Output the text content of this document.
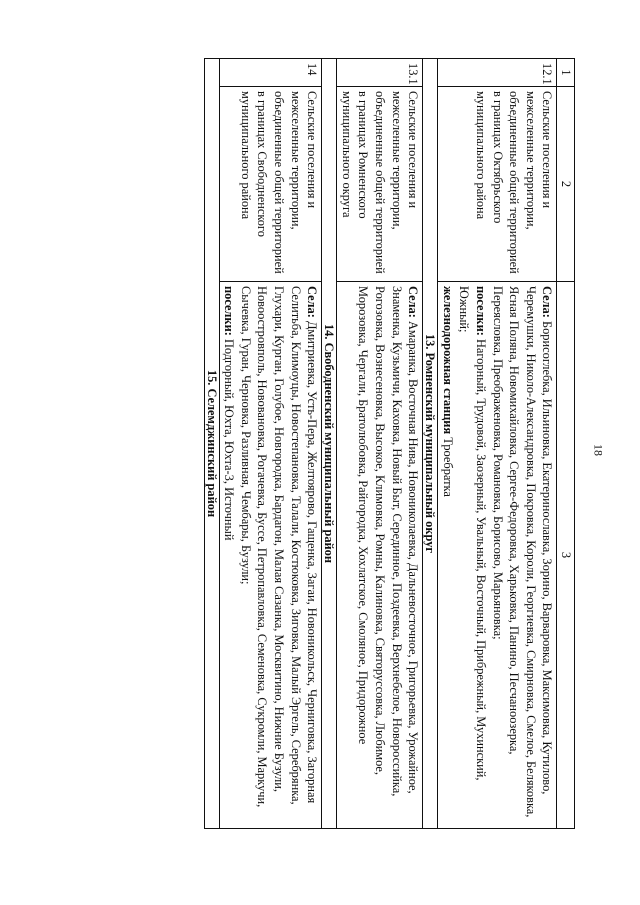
18
1	2	3
12.1	Сельские поселения и межселенные территории, объединенные общей территорией в границах Октябрьского муниципального района	Села: Борисоглебка, Ильиновка, Екатеринославка, Зорино, Варваровка, Максимовка, Кутилово, Черемушки, Николо-Александровка, Покровка, Короли, Георгиевка, Смирновка, Смелое, Беляковка, Ясная Поляна, Новомихайловка, Сергее-Федоровка, Харьковка, Панино, Песчаноозерка, Переясловка, Преображеновка, Романовка, Борисово, Марьяновка;
поселки: Нагорный, Трудовой, Заозерный, Увальный, Восточный, Прибрежный, Мухинский, Южный;
железнодорожная станция Троебратка
13. Ромненский муниципальный округ		
13.1	Сельские поселения и межселенные территории, объединенные общей территорией в границах Ромненского муниципального округа	Села: Амаранка, Восточная Нива, Новониколаевка, Дальневосточное, Григорьевка, Урожайное, Знаменка, Кузьмичи, Каховка, Новый Быт, Серединное, Поздеевка, Верхнебелое, Новороссийка, Рогозовка, Вознесеновка, Высокое, Климовка, Ромны, Калиновка, Святоруссовка, Любимое, Морозовка, Чергали, Братолюбовка, Райгородка, Хохлатское, Смоляное, Придорожное
14. Свободненский муниципальный район		
14	Сельские поселения и межселенные территории, объединенные общей территорией в границах Свободненского муниципального района	Села: Дмитриевка, Усть-Пера, Желтоярово, Гащенка, Загаи, Новоникольск, Черниговка, Загорная Селитьба, Климоуцы, Новостепановка, Талали, Костюковка, Зиговка, Малый Эргель, Серебрянка, Глухари, Курган, Голубое, Новгородка, Бардагон, Малая Сазанка, Москвитино, Нижние Бузули, Новоостровполь, Нововановка, Рогачевка, Буссе, Петропавловка, Семеновка, Сукромли, Маркучи, Сычевка, Гуран, Черновка, Разливная, Чембары, Бузули;
поселки: Подгорный, Юхта, Юхта-3, Источный
15. Селемджинский район		
